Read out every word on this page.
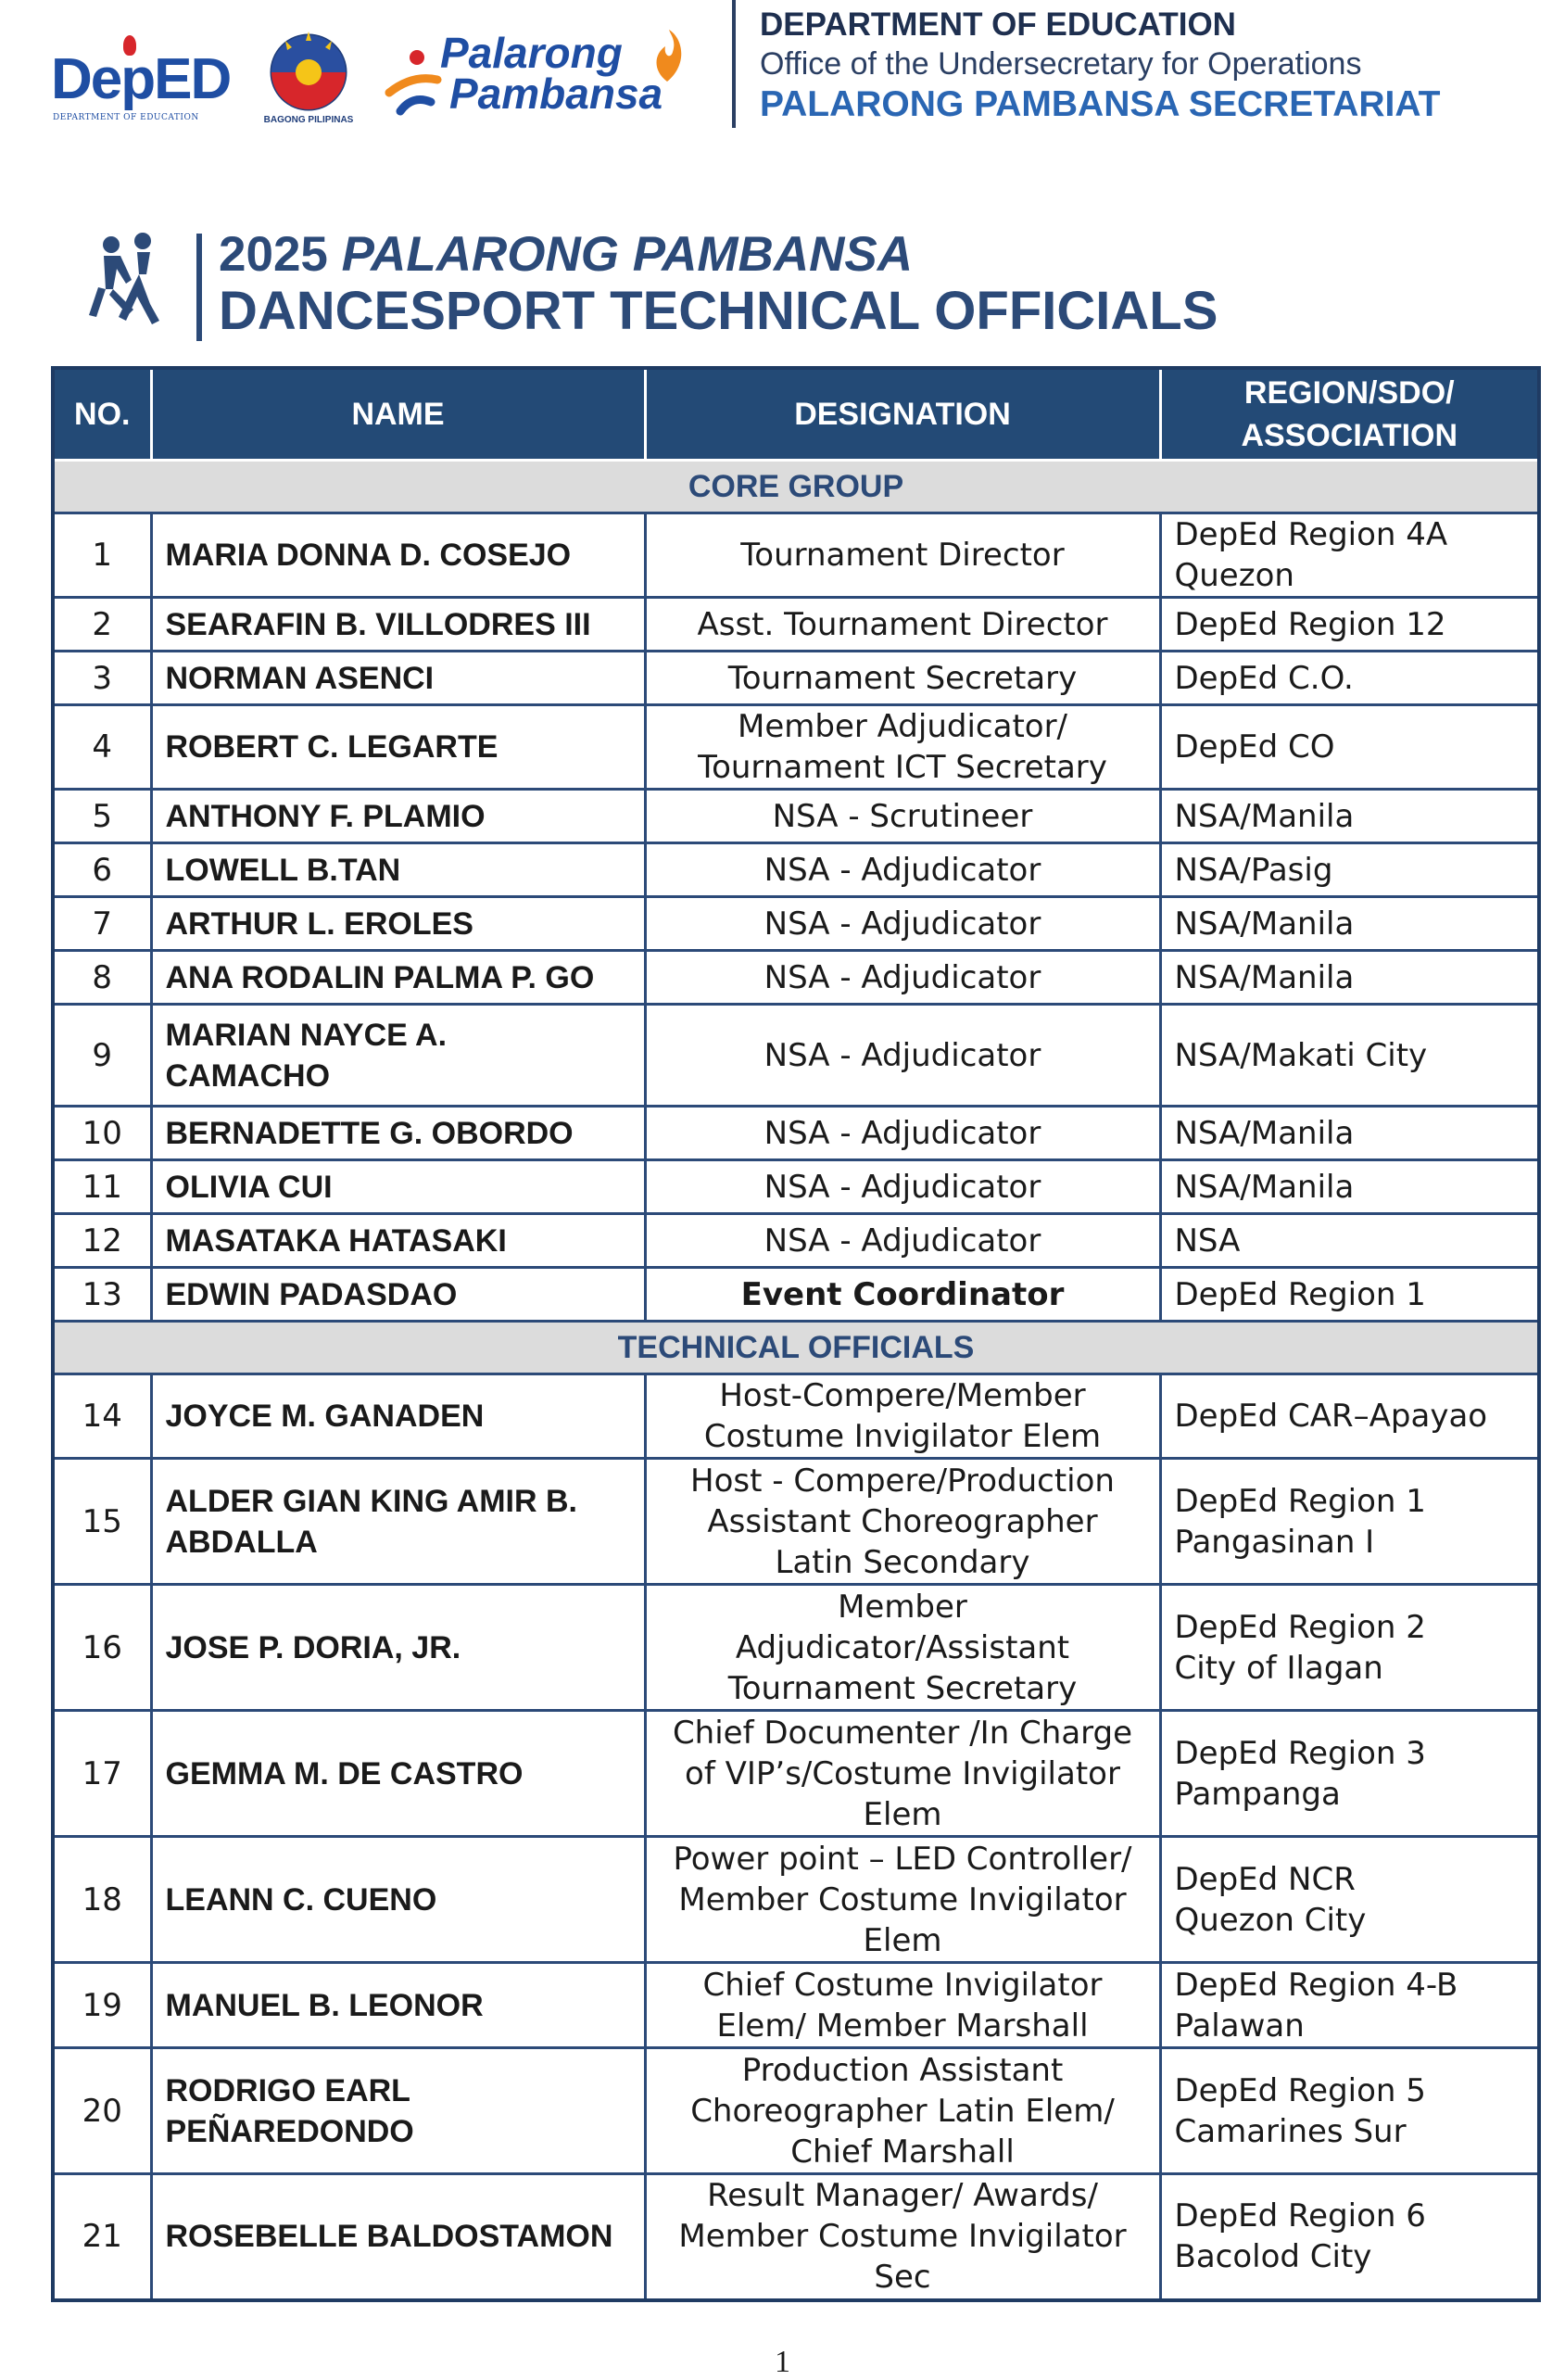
DepED
DEPARTMENT OF EDUCATION	BAGONG PILIPINAS
Palarong
Pambansa
DEPARTMENT OF EDUCATION
Office of the Undersecretary for Operations
PALARONG PAMBANSA SECRETARIAT
2025 PALARONG PAMBANSA
DANCESPORT TECHNICAL OFFICIALS
NO.	NAME	DESIGNATION	REGION/SDO/
ASSOCIATION
CORE GROUP			
1	MARIA DONNA D. COSEJO	Tournament Director	DepEd Region 4A
Quezon
2	SEARAFIN B. VILLODRES III	Asst. Tournament Director	DepEd Region 12
3	NORMAN ASENCI	Tournament Secretary	DepEd C.O.
4	ROBERT C. LEGARTE	Member Adjudicator/
Tournament ICT Secretary	DepEd CO
5	ANTHONY F. PLAMIO	NSA - Scrutineer	NSA/Manila
6	LOWELL B.TAN	NSA - Adjudicator	NSA/Pasig
7	ARTHUR L. EROLES	NSA - Adjudicator	NSA/Manila
8	ANA RODALIN PALMA P. GO	NSA - Adjudicator	NSA/Manila
9	MARIAN NAYCE A.
CAMACHO	NSA - Adjudicator	NSA/Makati City
10	BERNADETTE G. OBORDO	NSA - Adjudicator	NSA/Manila
11	OLIVIA CUI	NSA - Adjudicator	NSA/Manila
12	MASATAKA HATASAKI	NSA - Adjudicator	NSA
13	EDWIN PADASDAO	Event Coordinator	DepEd Region 1
TECHNICAL OFFICIALS			
14	JOYCE M. GANADEN	Host-Compere/Member
Costume Invigilator Elem	DepEd CAR–Apayao
15	ALDER GIAN KING AMIR B.
ABDALLA	Host - Compere/Production
Assistant Choreographer
Latin Secondary	DepEd Region 1
Pangasinan I
16	JOSE P. DORIA, JR.	Member
Adjudicator/Assistant
Tournament Secretary	DepEd Region 2
City of Ilagan
17	GEMMA M. DE CASTRO	Chief Documenter /In Charge
of VIP’s/Costume Invigilator
Elem	DepEd Region 3
Pampanga
18	LEANN C. CUENO	Power point – LED Controller/
Member Costume Invigilator
Elem	DepEd NCR
Quezon City
19	MANUEL B. LEONOR	Chief Costume Invigilator
Elem/ Member Marshall	DepEd Region 4-B
Palawan
20	RODRIGO EARL
PEÑAREDONDO	Production Assistant
Choreographer Latin Elem/
Chief Marshall	DepEd Region 5
Camarines Sur
21	ROSEBELLE BALDOSTAMON	Result Manager/ Awards/
Member Costume Invigilator
Sec	DepEd Region 6
Bacolod City
1
